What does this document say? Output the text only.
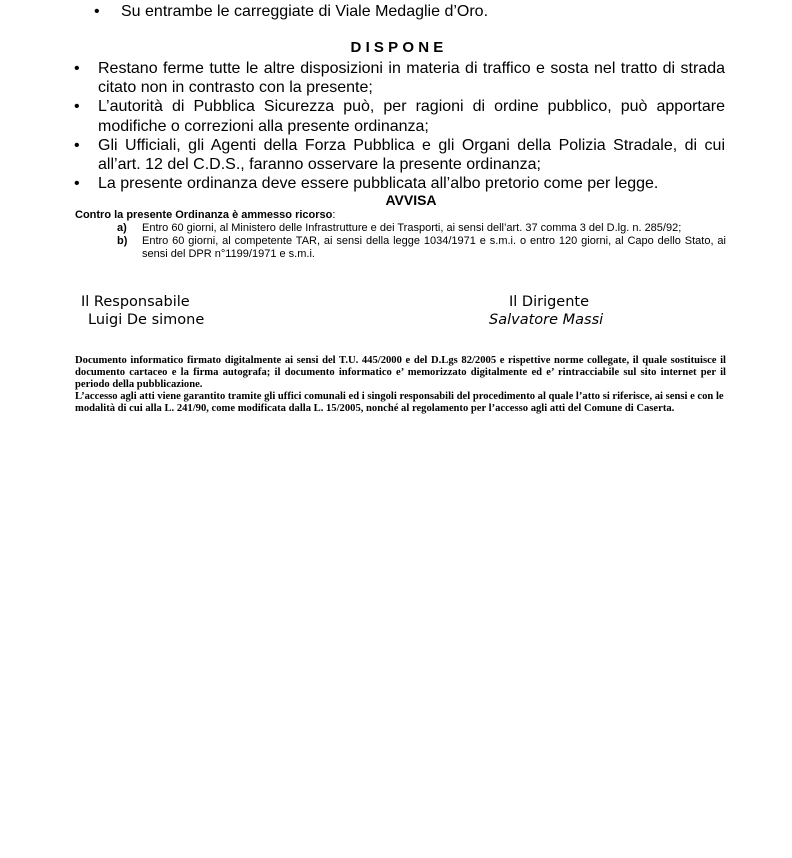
• Su entrambe le carreggiate di Viale Medaglie d’Oro.
DISPONE
• Restano ferme tutte le altre disposizioni in materia di traffico e sosta nel tratto di strada citato non in contrasto con la presente;
• L’autorità di Pubblica Sicurezza può, per ragioni di ordine pubblico, può apportare modifiche o correzioni alla presente ordinanza;
• Gli Ufficiali, gli Agenti della Forza Pubblica e gli Organi della Polizia Stradale, di cui all’art. 12 del C.D.S., faranno osservare la presente ordinanza;
• La presente ordinanza deve essere pubblicata all’albo pretorio come per legge.
AVVISA
Contro la presente Ordinanza è ammesso ricorso:
a) Entro 60 giorni, al Ministero delle Infrastrutture e dei Trasporti, ai sensi dell’art. 37 comma 3 del D.lg. n. 285/92;
b) Entro 60 giorni, al competente TAR, ai sensi della legge 1034/1971 e s.m.i. o entro 120 giorni, al Capo dello Stato, ai sensi del DPR n°1199/1971 e s.m.i.
Il Responsabile
Luigi De simone
Il Dirigente
Salvatore Massi

Documento informatico firmato digitalmente ai sensi del T.U. 445/2000 e del D.Lgs 82/2005 e rispettive norme collegate, il quale sostituisce il documento cartaceo e la firma autografa; il documento informatico e’ memorizzato digitalmente ed e’ rintracciabile sul sito internet per il periodo della pubblicazione.

L’accesso agli atti viene garantito tramite gli uffici comunali ed i singoli responsabili del procedimento al quale l’atto si riferisce, ai sensi e con le modalità di cui alla L. 241/90, come modificata dalla L. 15/2005, nonché al regolamento per l’accesso agli atti del Comune di Caserta.
